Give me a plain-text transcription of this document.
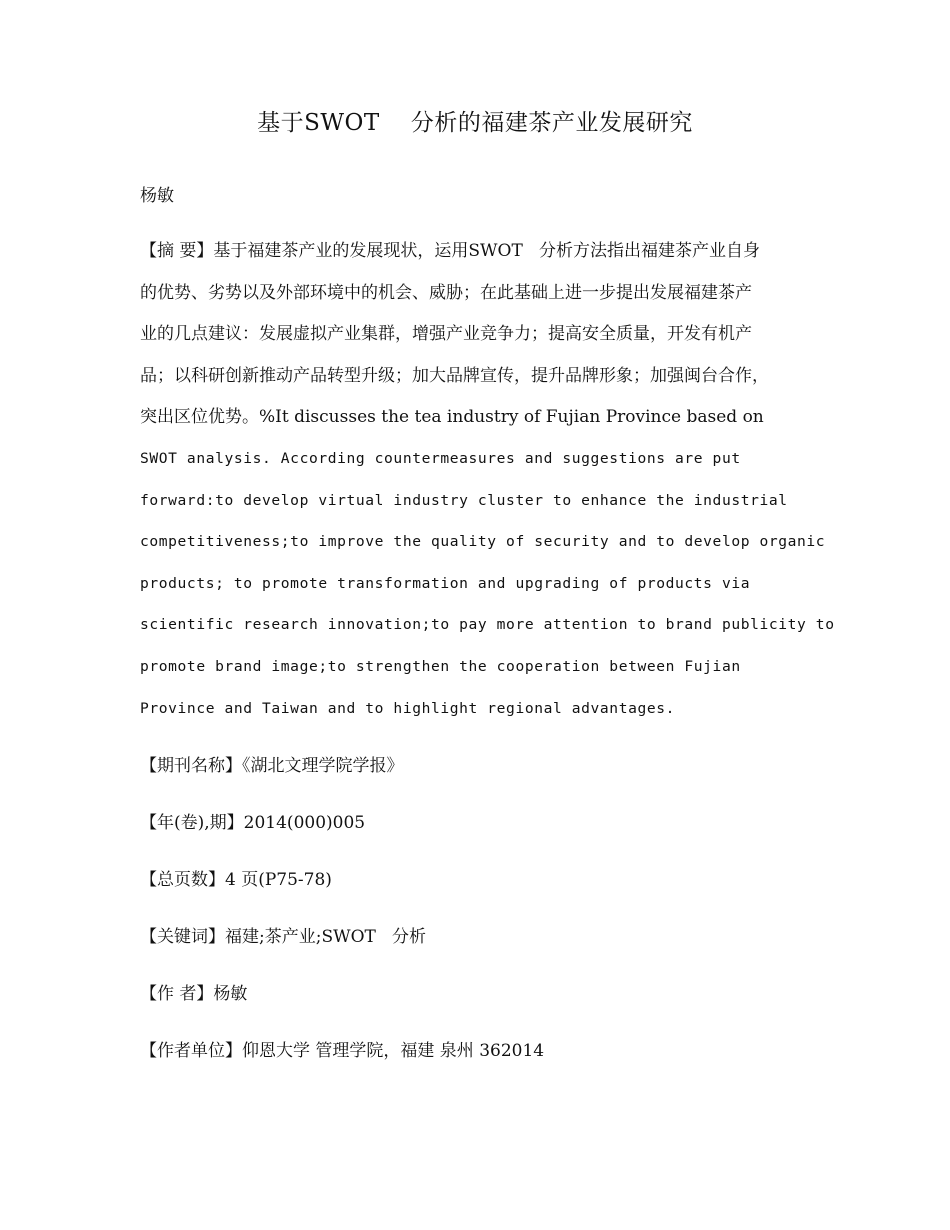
基于SWOT    分析的福建茶产业发展研究
杨敏
【摘 要】基于福建茶产业的发展现状，运用SWOT   分析方法指出福建茶产业自身
的优势、劣势以及外部环境中的机会、威胁；在此基础上进一步提出发展福建茶产
业的几点建议：发展虚拟产业集群，增强产业竞争力；提高安全质量，开发有机产
品；以科研创新推动产品转型升级；加大品牌宣传，提升品牌形象；加强闽台合作，
突出区位优势。%It discusses the tea industry of Fujian Province based on
SWOT analysis. According countermeasures and suggestions are put
forward:to develop virtual industry cluster to enhance the industrial
competitiveness;to improve the quality of security and to develop organic
products; to promote transformation and upgrading of products via
scientific research innovation;to pay more attention to brand publicity to
promote brand image;to strengthen the cooperation between Fujian
Province and Taiwan and to highlight regional advantages.
【期刊名称】《湖北文理学院学报》
【年(卷),期】2014(000)005
【总页数】4 页(P75-78)
【关键词】福建;茶产业;SWOT   分析
【作 者】杨敏
【作者单位】仰恩大学 管理学院，福建 泉州 362014
